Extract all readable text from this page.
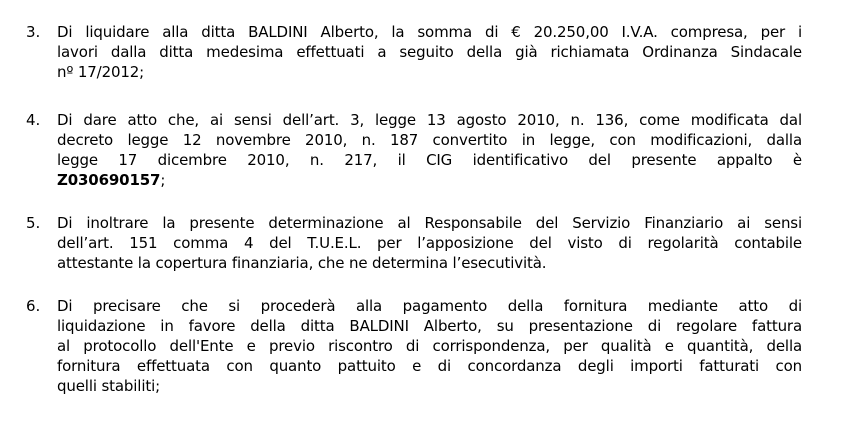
3. Di liquidare alla ditta BALDINI Alberto, la somma di € 20.250,00 I.V.A. compresa, per i
lavori dalla ditta medesima effettuati a seguito della già richiamata Ordinanza Sindacale
nº 17/2012;
4. Di dare atto che, ai sensi dell’art. 3, legge 13 agosto 2010, n. 136, come modificata dal
decreto legge 12 novembre 2010, n. 187 convertito in legge, con modificazioni, dalla
legge 17 dicembre 2010, n. 217, il CIG identificativo del presente appalto è
Z030690157;
5. Di inoltrare la presente determinazione al Responsabile del Servizio Finanziario ai sensi
dell’art. 151 comma 4 del T.U.E.L. per l’apposizione del visto di regolarità contabile
attestante la copertura finanziaria, che ne determina l’esecutività.
6. Di precisare che si procederà alla pagamento della fornitura mediante atto di
liquidazione in favore della ditta BALDINI Alberto, su presentazione di regolare fattura
al protocollo dell'Ente e previo riscontro di corrispondenza, per qualità e quantità, della
fornitura effettuata con quanto pattuito e di concordanza degli importi fatturati con
quelli stabiliti;
